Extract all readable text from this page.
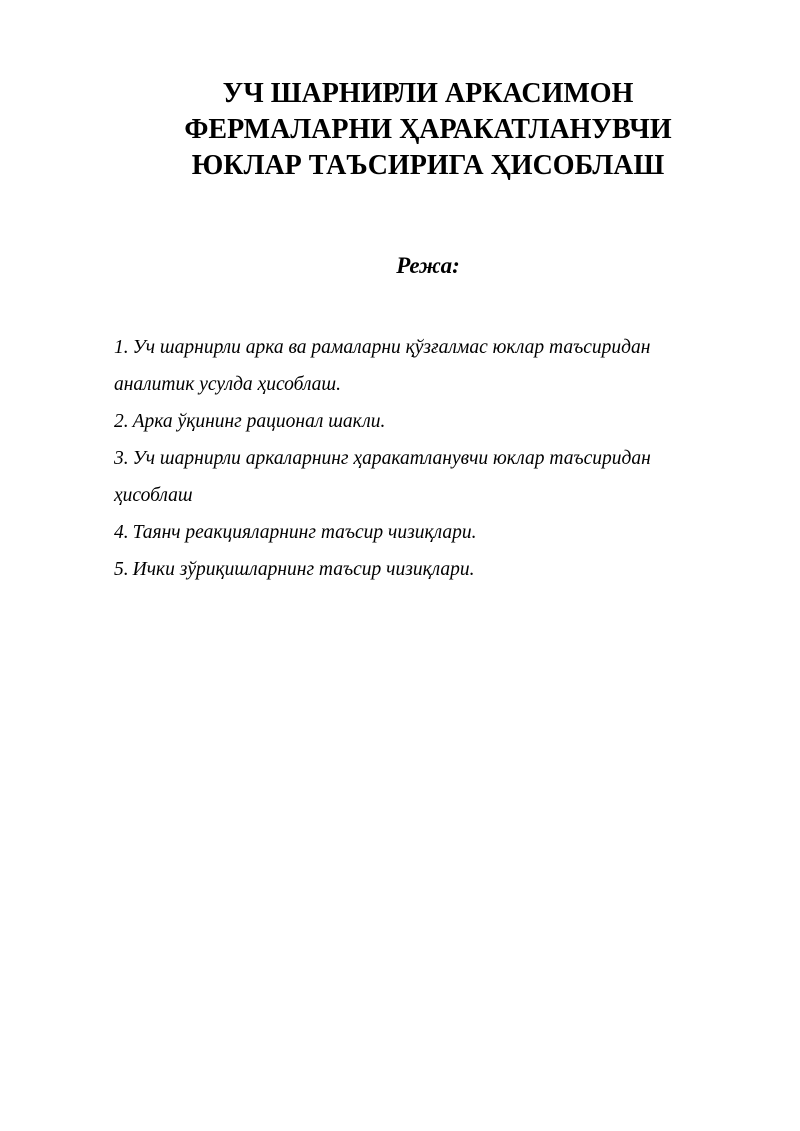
УЧ ШАРНИРЛИ АРКАСИМОН
ФЕРМАЛАРНИ ҲАРАКАТЛАНУВЧИ
ЮКЛАР ТАЪСИРИГА ҲИСОБЛАШ
Режа:
1. Уч шарнирли арка ва рамаларни қўзғалмас юклар таъсиридан
аналитик усулда ҳисоблаш.
2. Арка ўқининг рационал шакли.
3. Уч шарнирли аркаларнинг ҳаракатланувчи юклар таъсиридан
ҳисоблаш
4. Таянч реакцияларнинг таъсир чизиқлари.
5. Ички зўриқишларнинг таъсир чизиқлари.
